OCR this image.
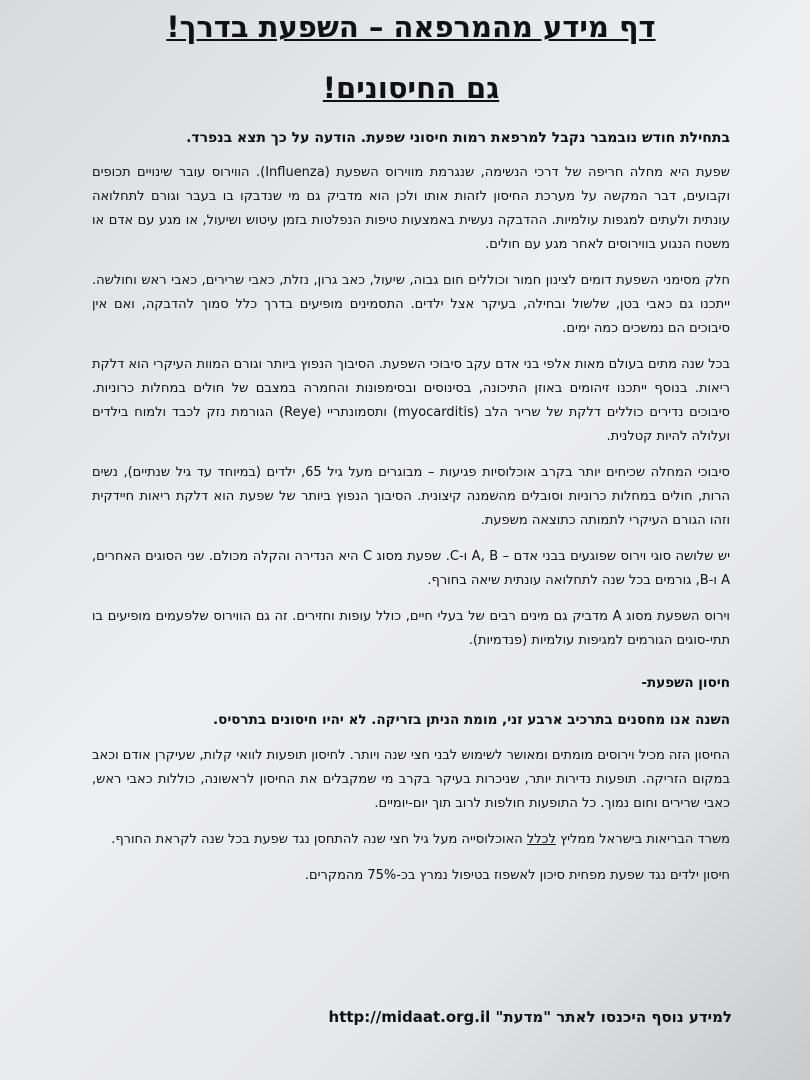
דף מידע מהמרפאה – השפעת בדרך!
גם החיסונים!

בתחילת חודש נובמבר נקבל למרפאת רמות חיסוני שפעת. הודעה על כך תצא בנפרד.

שפעת היא מחלה חריפה של דרכי הנשימה, שנגרמת מווירוס השפעת (Influenza). הווירוס עובר שינויים תכופים וקבועים, דבר המקשה על מערכת החיסון לזהות אותו ולכן הוא מדביק גם מי שנדבקו בו בעבר וגורם לתחלואה עונתית ולעתים למגפות עולמיות. ההדבקה נעשית באמצעות טיפות הנפלטות בזמן עיטוש ושיעול, או מגע עם אדם או משטח הנגוע בווירוסים לאחר מגע עם חולים.

חלק מסימני השפעת דומים לצינון חמור וכוללים חום גבוה, שיעול, כאב גרון, נזלת, כאבי שרירים, כאבי ראש וחולשה. ייתכנו גם כאבי בטן, שלשול ובחילה, בעיקר אצל ילדים. התסמינים מופיעים בדרך כלל סמוך להדבקה, ואם אין סיבוכים הם נמשכים כמה ימים.

בכל שנה מתים בעולם מאות אלפי בני אדם עקב סיבוכי השפעת. הסיבוך הנפוץ ביותר וגורם המוות העיקרי הוא דלקת ריאות. בנוסף ייתכנו זיהומים באוזן התיכונה, בסינוסים ובסימפונות והחמרה במצבם של חולים במחלות כרוניות. סיבוכים נדירים כוללים דלקת של שריר הלב (myocarditis) ותסמונתריי (Reye) הגורמת נזק לכבד ולמוח בילדים ועלולה להיות קטלנית.

סיבוכי המחלה שכיחים יותר בקרב אוכלוסיות פגיעות – מבוגרים מעל גיל 65, ילדים (במיוחד עד גיל שנתיים), נשים הרות, חולים במחלות כרוניות וסובלים מהשמנה קיצונית. הסיבוך הנפוץ ביותר של שפעת הוא דלקת ריאות חיידקית וזהו הגורם העיקרי לתמותה כתוצאה משפעת.

יש שלושה סוגי וירוס שפוגעים בבני אדם – A, B ו-C. שפעת מסוג C היא הנדירה והקלה מכולם. שני הסוגים האחרים, A ו-B, גורמים בכל שנה לתחלואה עונתית שיאה בחורף.

וירוס השפעת מסוג A מדביק גם מינים רבים של בעלי חיים, כולל עופות וחזירים. זה גם הווירוס שלפעמים מופיעים בו תתי-סוגים הגורמים למגיפות עולמיות (פנדמיות).

חיסון השפעת-

השנה אנו מחסנים בתרכיב ארבע זני, מומת הניתן בזריקה. לא יהיו חיסונים בתרסיס.

החיסון הזה מכיל וירוסים מומתים ומאושר לשימוש לבני חצי שנה ויותר. לחיסון תופעות לוואי קלות, שעיקרן אודם וכאב במקום הזריקה. תופעות נדירות יותר, שניכרות בעיקר בקרב מי שמקבלים את החיסון לראשונה, כוללות כאבי ראש, כאבי שרירים וחום נמוך. כל התופעות חולפות לרוב תוך יום-יומיים.

משרד הבריאות בישראל ממליץ לכלל האוכלוסייה מעל גיל חצי שנה להתחסן נגד שפעת בכל שנה לקראת החורף.

חיסון ילדים נגד שפעת מפחית סיכון לאשפוז בטיפול נמרץ בכ-75% מהמקרים.

למידע נוסף היכנסו לאתר "מדעת" http://midaat.org.il
